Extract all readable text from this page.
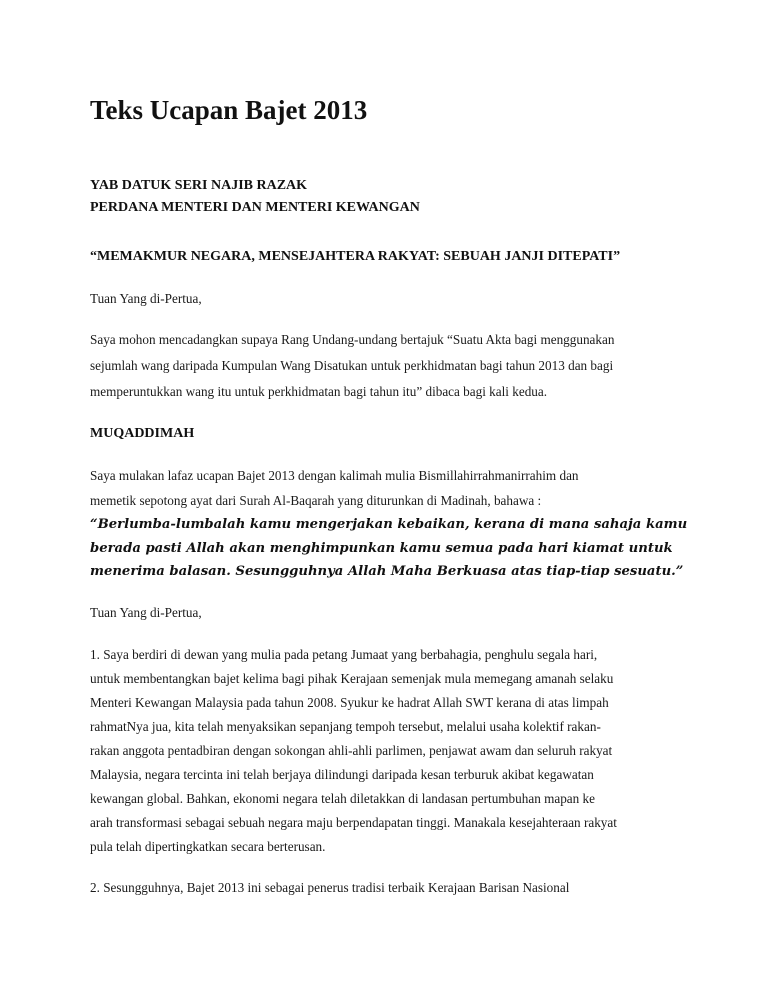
Teks Ucapan Bajet 2013

YAB DATUK SERI NAJIB RAZAK

PERDANA MENTERI DAN MENTERI KEWANGAN

“MEMAKMUR NEGARA, MENSEJAHTERA RAKYAT: SEBUAH JANJI DITEPATI”

Tuan Yang di-Pertua,

Saya mohon mencadangkan supaya Rang Undang-undang bertajuk “Suatu Akta bagi menggunakan

sejumlah wang daripada Kumpulan Wang Disatukan untuk perkhidmatan bagi tahun 2013 dan bagi

memperuntukkan wang itu untuk perkhidmatan bagi tahun itu” dibaca bagi kali kedua.

MUQADDIMAH

Saya mulakan lafaz ucapan Bajet 2013 dengan kalimah mulia Bismillahirrahmanirrahim dan

memetik sepotong ayat dari Surah Al-Baqarah yang diturunkan di Madinah, bahawa :

“Berlumba-lumbalah kamu mengerjakan kebaikan, kerana di mana sahaja kamu

berada pasti Allah akan menghimpunkan kamu semua pada hari kiamat untuk

menerima balasan. Sesungguhnya Allah Maha Berkuasa atas tiap-tiap sesuatu.”

Tuan Yang di-Pertua,

1. Saya berdiri di dewan yang mulia pada petang Jumaat yang berbahagia, penghulu segala hari,

untuk membentangkan bajet kelima bagi pihak Kerajaan semenjak mula memegang amanah selaku

Menteri Kewangan Malaysia pada tahun 2008. Syukur ke hadrat Allah SWT kerana di atas limpah

rahmatNya jua, kita telah menyaksikan sepanjang tempoh tersebut, melalui usaha kolektif rakan-

rakan anggota pentadbiran dengan sokongan ahli-ahli parlimen, penjawat awam dan seluruh rakyat

Malaysia, negara tercinta ini telah berjaya dilindungi daripada kesan terburuk akibat kegawatan

kewangan global. Bahkan, ekonomi negara telah diletakkan di landasan pertumbuhan mapan ke

arah transformasi sebagai sebuah negara maju berpendapatan tinggi. Manakala kesejahteraan rakyat

pula telah dipertingkatkan secara berterusan.

2. Sesungguhnya, Bajet 2013 ini sebagai penerus tradisi terbaik Kerajaan Barisan Nasional
